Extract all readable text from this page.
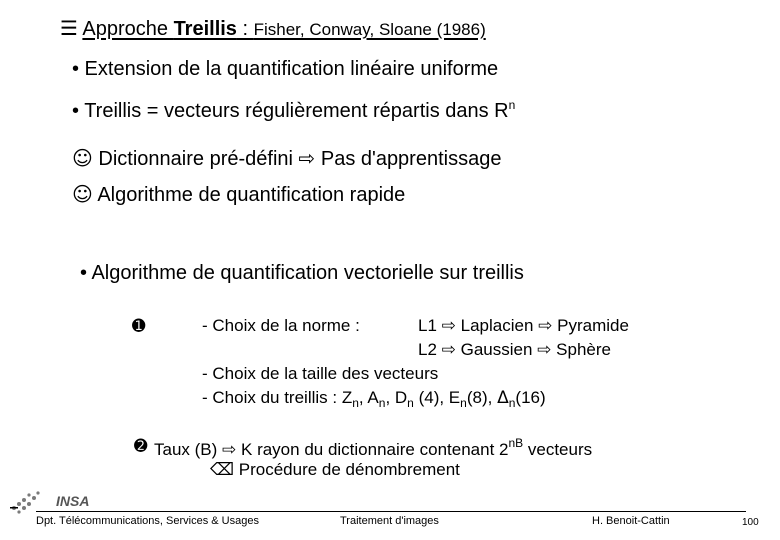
☰ Approche Treillis : Fisher, Conway, Sloane (1986)
• Extension de la quantification linéaire uniforme
• Treillis = vecteurs régulièrement répartis dans $R^n$
☺ Dictionnaire pré-défini ⇨ Pas d'apprentissage
☺ Algorithme de quantification rapide
• Algorithme de quantification vectorielle sur treillis
➊	- Choix de la norme :	L1 ⇨ Laplacien ⇨ Pyramide
L2 ⇨ Gaussien ⇨ Sphère
- Choix de la taille des vecteurs
- Choix du treillis : $Z_n$, $A_n$, $D_n$ (4), $E_n(8)$, $\Delta_n(16)$
➋ Taux (B) ⇨ K rayon du dictionnaire contenant $2^{nB}$ vecteurs
⌫ Procédure de dénombrement
INSA
Dpt. Télécommunications, Services & Usages	Traitement d'images	H. Benoit-Cattin	100
